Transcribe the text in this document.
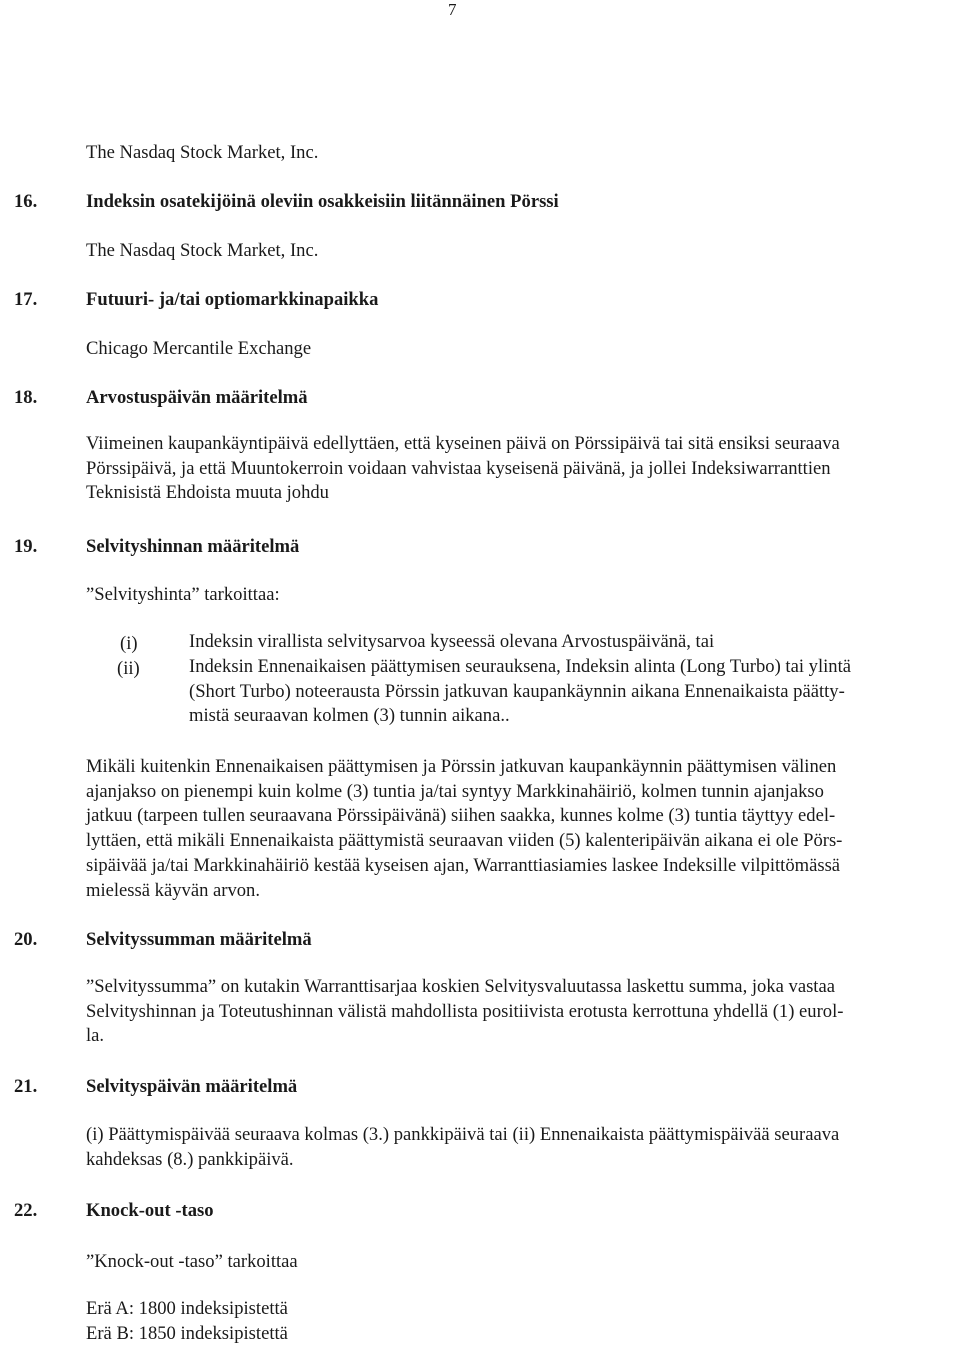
7
The Nasdaq Stock Market, Inc.
16.	Indeksin osatekijöinä oleviin osakkeisiin liitännäinen Pörssi
The Nasdaq Stock Market, Inc.
17.	Futuuri- ja/tai optiomarkkinapaikka
Chicago Mercantile Exchange
18.	Arvostuspäivän määritelmä
Viimeinen kaupankäyntipäivä edellyttäen, että kyseinen päivä on Pörssipäivä tai sitä ensiksi seuraava
Pörssipäivä, ja että Muuntokerroin voidaan vahvistaa kyseisenä päivänä, ja jollei Indeksiwarranttien
Teknisistä Ehdoista muuta johdu
19.	Selvityshinnan määritelmä
”Selvityshinta” tarkoittaa:
(i)	Indeksin virallista selvitysarvoa kyseessä olevana Arvostuspäivänä, tai
(ii)	Indeksin Ennenaikaisen päättymisen seurauksena, Indeksin alinta (Long Turbo) tai ylintä
(Short Turbo) noteerausta Pörssin jatkuvan kaupankäynnin aikana Ennenaikaista päätty-
mistä seuraavan kolmen (3) tunnin aikana..
Mikäli kuitenkin Ennenaikaisen päättymisen ja Pörssin jatkuvan kaupankäynnin päättymisen välinen
ajanjakso on pienempi kuin kolme (3) tuntia ja/tai syntyy Markkinahäiriö, kolmen tunnin ajanjakso
jatkuu (tarpeen tullen seuraavana Pörssipäivänä) siihen saakka, kunnes kolme (3) tuntia täyttyy edel-
lyttäen, että mikäli Ennenaikaista päättymistä seuraavan viiden (5) kalenteripäivän aikana ei ole Pörs-
sipäivää ja/tai Markkinahäiriö kestää kyseisen ajan, Warranttiasiamies laskee Indeksille vilpittömässä
mielessä käyvän arvon.
20.	Selvityssumman määritelmä
”Selvityssumma” on kutakin Warranttisarjaa koskien Selvitysvaluutassa laskettu summa, joka vastaa
Selvityshinnan ja Toteutushinnan välistä mahdollista positiivista erotusta kerrottuna yhdellä (1) eurol-
la.
21.	Selvityspäivän määritelmä
(i) Päättymispäivää seuraava kolmas (3.) pankkipäivä tai (ii) Ennenaikaista päättymispäivää seuraava
kahdeksas (8.) pankkipäivä.
22.	Knock-out -taso
”Knock-out -taso” tarkoittaa
Erä A: 1800 indeksipistettä
Erä B: 1850 indeksipistettä
